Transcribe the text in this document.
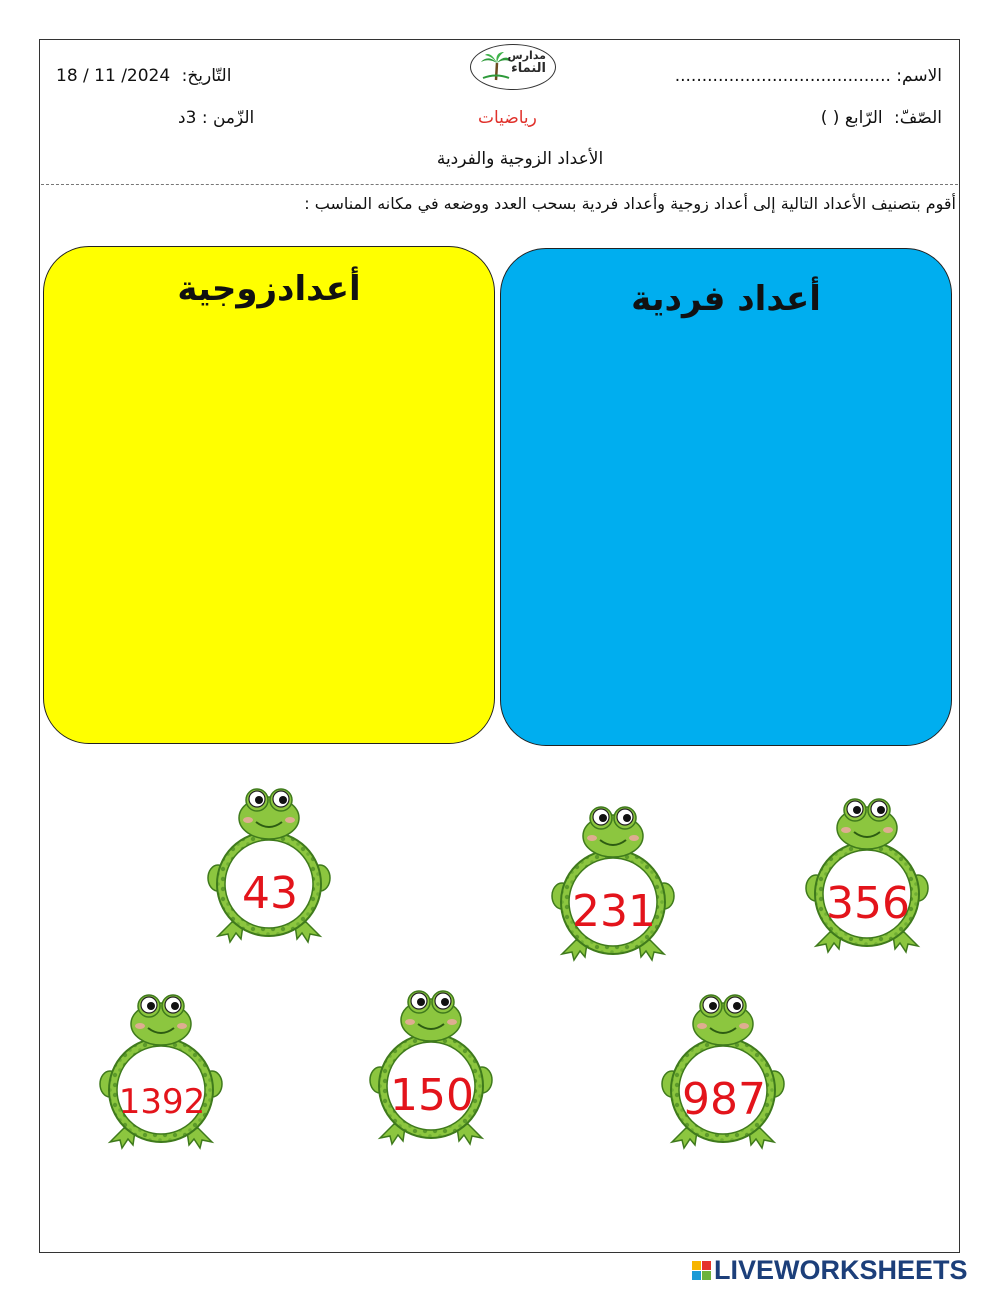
التّاريخ: 18 / 11 /2024
مدارس
النماء	الاسم: ........................................
الزّمن : 3د	رياضيات	الصّفّ: الرّابع ( )
الأعداد الزوجية والفردية
أقوم بتصنيف الأعداد التالية إلى أعداد زوجية وأعداد فردية بسحب العدد ووضعه في مكانه المناسب :
أعدادزوجية	أعداد فردية
43	231	356
1392	150	987
LIVEWORKSHEETS
